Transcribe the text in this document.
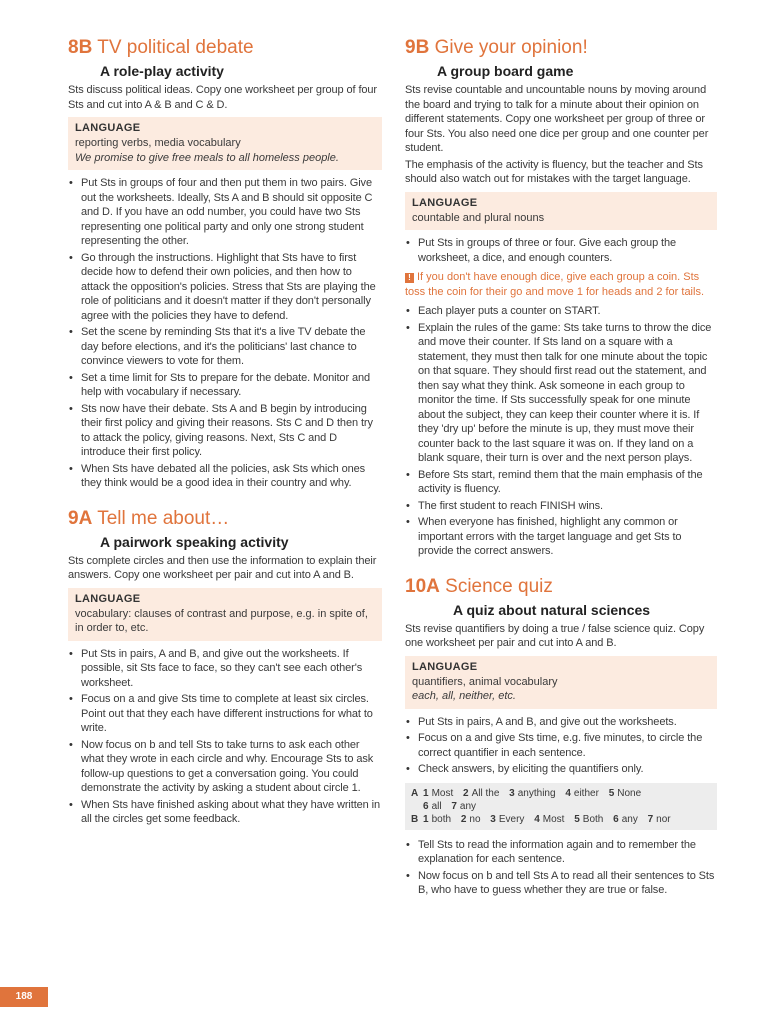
8B TV political debate
A role-play activity

Sts discuss political ideas. Copy one worksheet per group of four Sts and cut into A & B and C & D.

LANGUAGE
reporting verbs, media vocabulary
We promise to give free meals to all homeless people.
• Put Sts in groups of four and then put them in two pairs. Give out the worksheets. Ideally, Sts A and B should sit opposite C and D. If you have an odd number, you could have two Sts representing one political party and only one strong student representing the other.
• Go through the instructions. Highlight that Sts have to first decide how to defend their own policies, and then how to attack the opposition's policies. Stress that Sts are playing the role of politicians and it doesn't matter if they don't personally agree with the policies they have to defend.
• Set the scene by reminding Sts that it's a live TV debate the day before elections, and it's the politicians' last chance to convince viewers to vote for them.
• Set a time limit for Sts to prepare for the debate. Monitor and help with vocabulary if necessary.
• Sts now have their debate. Sts A and B begin by introducing their first policy and giving their reasons. Sts C and D then try to attack the policy, giving reasons. Next, Sts C and D introduce their first policy.
• When Sts have debated all the policies, ask Sts which ones they think would be a good idea in their country and why.
9A Tell me about…
A pairwork speaking activity

Sts complete circles and then use the information to explain their answers. Copy one worksheet per pair and cut into A and B.

LANGUAGE
vocabulary: clauses of contrast and purpose, e.g. in spite of, in order to, etc.
• Put Sts in pairs, A and B, and give out the worksheets. If possible, sit Sts face to face, so they can't see each other's worksheet.
• Focus on a and give Sts time to complete at least six circles. Point out that they each have different instructions for what to write.
• Now focus on b and tell Sts to take turns to ask each other what they wrote in each circle and why. Encourage Sts to ask follow-up questions to get a conversation going. You could demonstrate the activity by asking a student about circle 1.
• When Sts have finished asking about what they have written in all the circles get some feedback.
9B Give your opinion!
A group board game

Sts revise countable and uncountable nouns by moving around the board and trying to talk for a minute about their opinion on different statements. Copy one worksheet per group of three or four Sts. You also need one dice per group and one counter per student.

The emphasis of the activity is fluency, but the teacher and Sts should also watch out for mistakes with the target language.

LANGUAGE
countable and plural nouns
• Put Sts in groups of three or four. Give each group the worksheet, a dice, and enough counters.
! If you don't have enough dice, give each group a coin. Sts toss the coin for their go and move 1 for heads and 2 for tails.
• Each player puts a counter on START.
• Explain the rules of the game: Sts take turns to throw the dice and move their counter. If Sts land on a square with a statement, they must then talk for one minute about the topic on that square. They should first read out the statement, and then say what they think. Ask someone in each group to monitor the time. If Sts successfully speak for one minute about the subject, they can keep their counter where it is. If they 'dry up' before the minute is up, they must move their counter back to the last square it was on. If they land on a blank square, their turn is over and the next person plays.
• Before Sts start, remind them that the main emphasis of the activity is fluency.
• The first student to reach FINISH wins.
• When everyone has finished, highlight any common or important errors with the target language and get Sts to provide the correct answers.
10A Science quiz
A quiz about natural sciences

Sts revise quantifiers by doing a true / false science quiz. Copy one worksheet per pair and cut into A and B.

LANGUAGE
quantifiers, animal vocabulary
each, all, neither, etc.
• Put Sts in pairs, A and B, and give out the worksheets.
• Focus on a and give Sts time, e.g. five minutes, to circle the correct quantifier in each sentence.
• Check answers, by eliciting the quantifiers only.
A 1 Most 2 All the 3 anything 4 either 5 None
6 all 7 any
B 1 both 2 no 3 Every 4 Most 5 Both 6 any 7 nor
• Tell Sts to read the information again and to remember the explanation for each sentence.
• Now focus on b and tell Sts A to read all their sentences to Sts B, who have to guess whether they are true or false.
188
